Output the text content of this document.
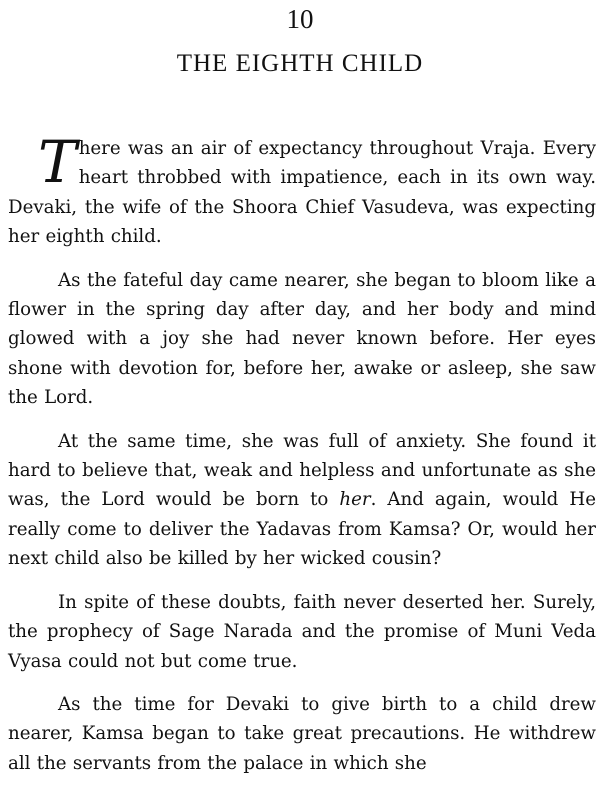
10
THE EIGHTH CHILD

There was an air of expectancy throughout Vraja. Every heart throbbed with impatience, each in its own way. Devaki, the wife of the Shoora Chief Vasudeva, was expecting her eighth child.

As the fateful day came nearer, she began to bloom like a flower in the spring day after day, and her body and mind glowed with a joy she had never known before. Her eyes shone with devotion for, before her, awake or asleep, she saw the Lord.

At the same time, she was full of anxiety. She found it hard to believe that, weak and helpless and unfortunate as she was, the Lord would be born to her. And again, would He really come to deliver the Yadavas from Kamsa? Or, would her next child also be killed by her wicked cousin?

In spite of these doubts, faith never deserted her. Surely, the prophecy of Sage Narada and the promise of Muni Veda Vyasa could not but come true.

As the time for Devaki to give birth to a child drew nearer, Kamsa began to take great precautions. He withdrew all the servants from the palace in which she
